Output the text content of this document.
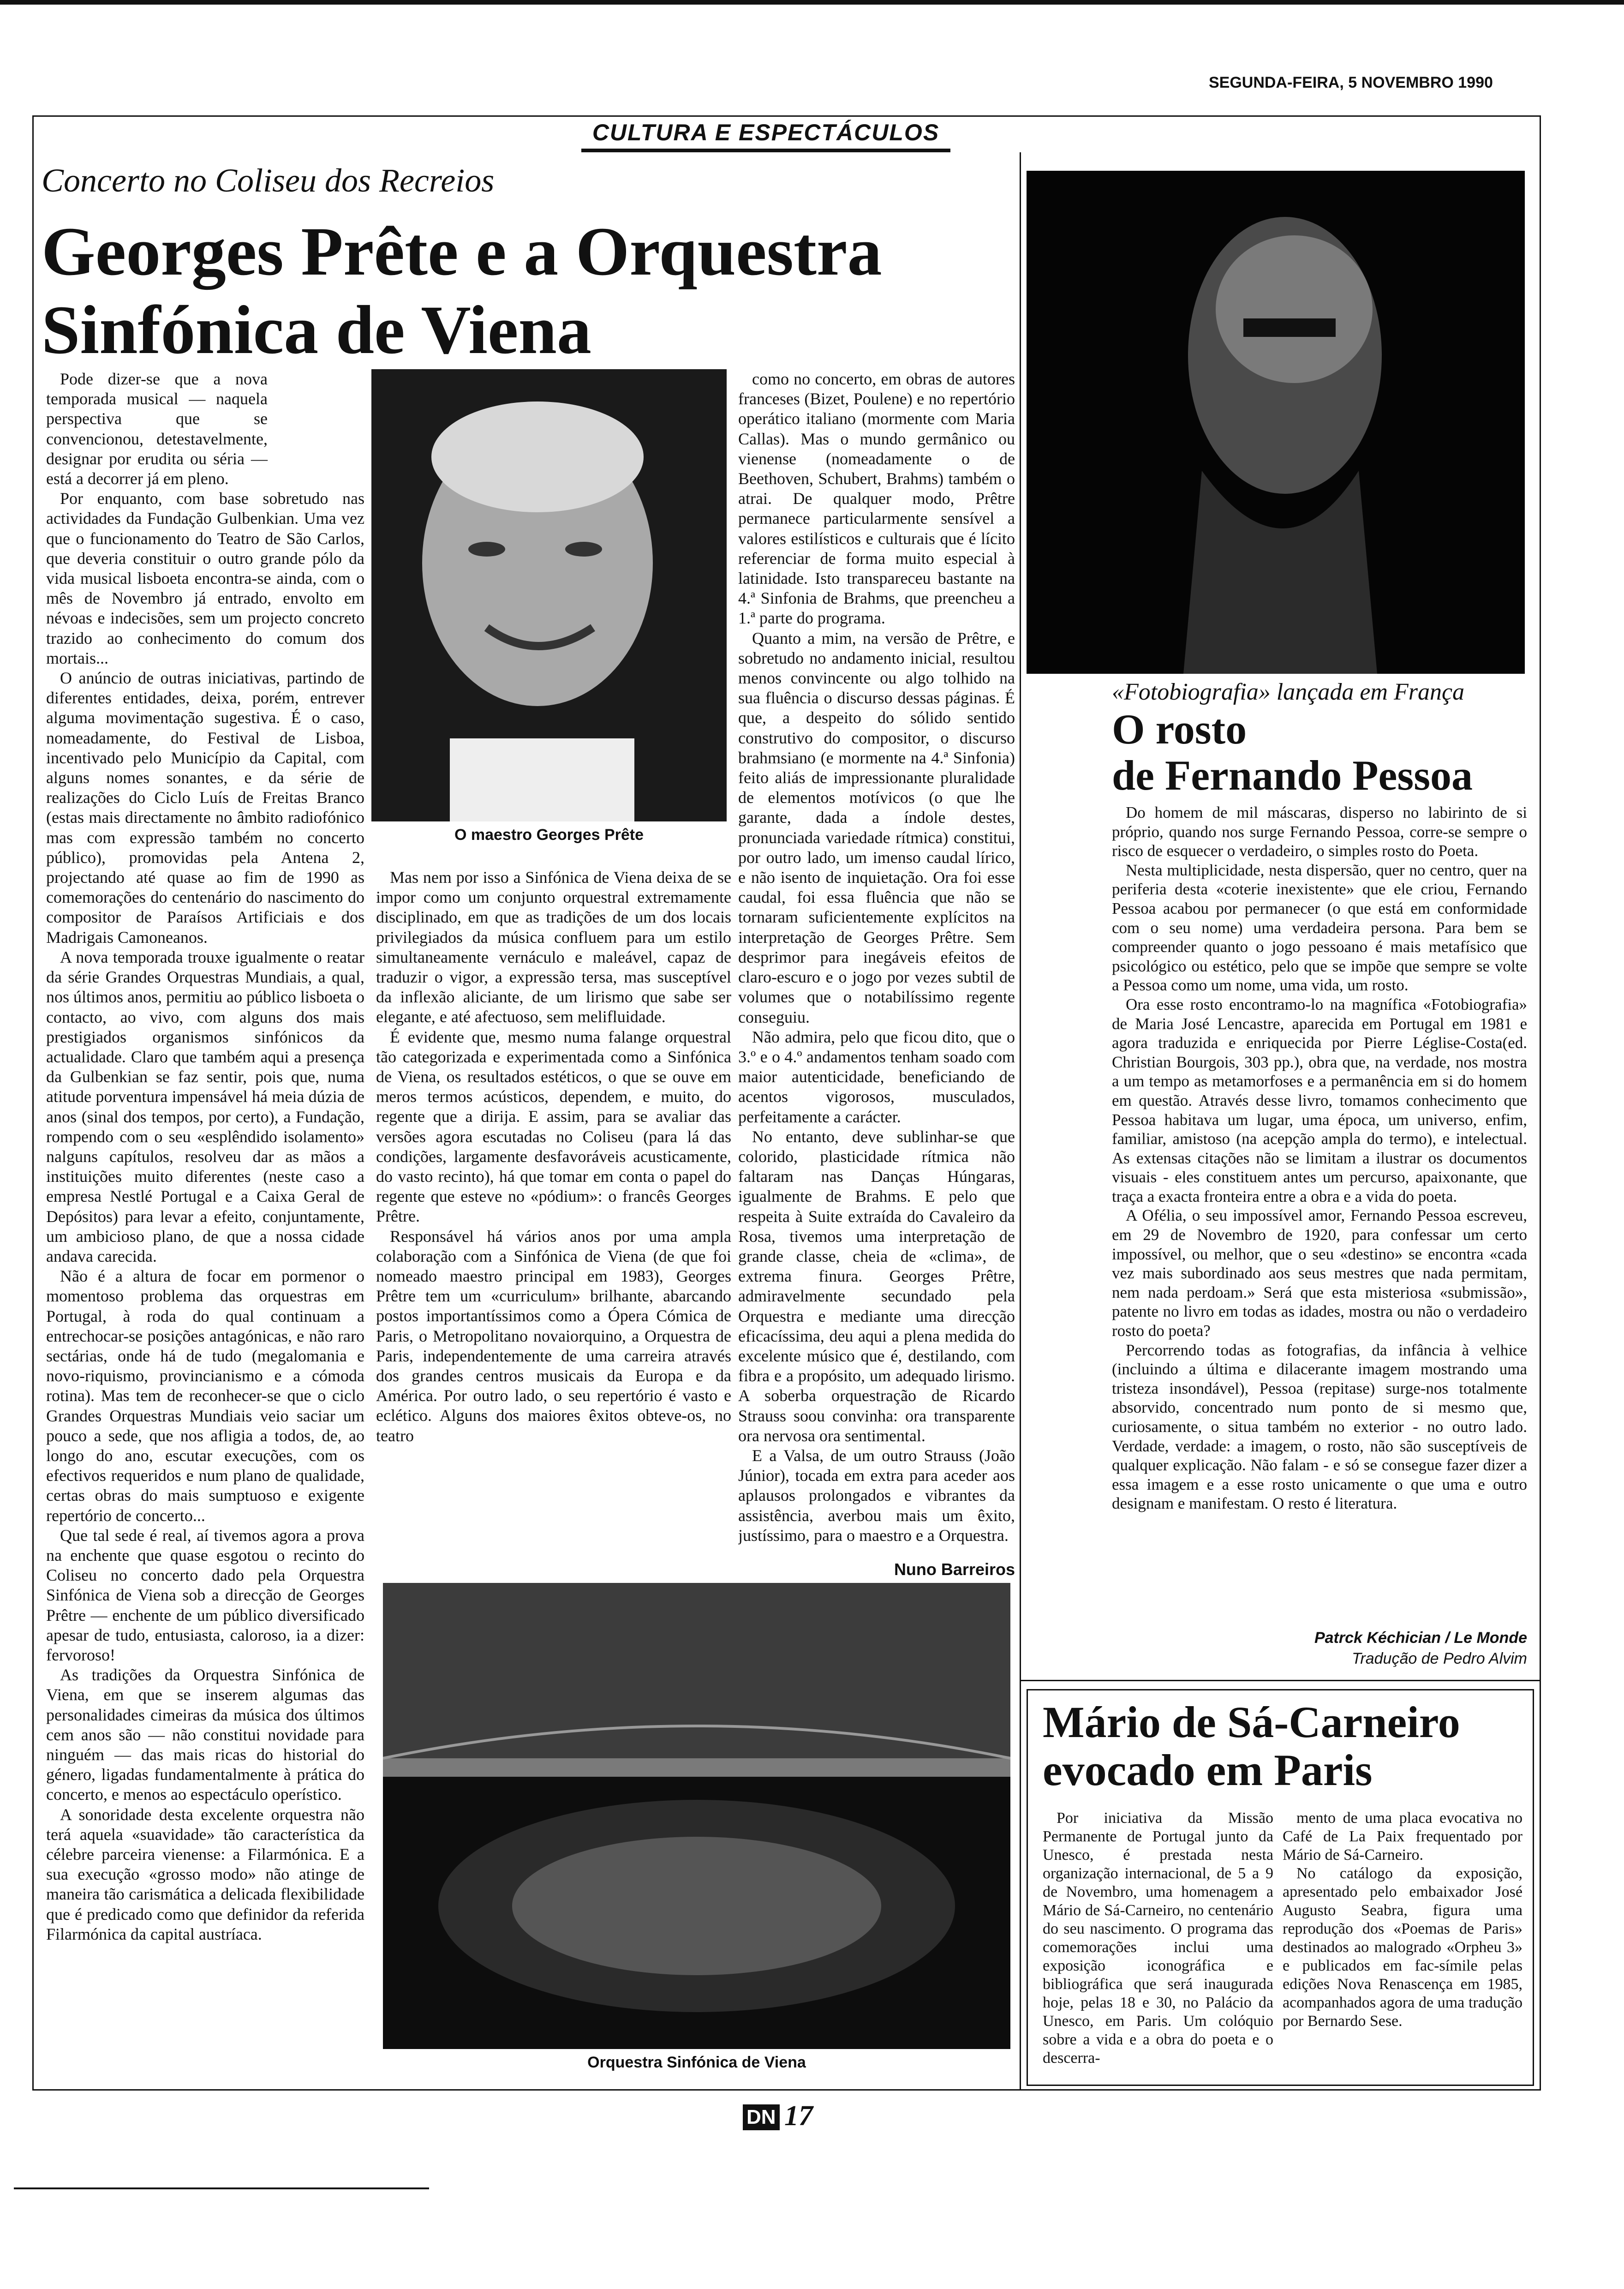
SEGUNDA-FEIRA, 5 NOVEMBRO 1990
CULTURA E ESPECTÁCULOS
Concerto no Coliseu dos Recreios
Georges Prête e a Orquestra
Sinfónica de Viena
O maestro Georges Prête

Pode dizer-se que a nova temporada musical — naquela perspectiva que se convencionou, detestavelmente, designar por erudita ou séria — está a decorrer já em pleno.

Por enquanto, com base sobretudo nas actividades da Fundação Gulbenkian. Uma vez que o funcionamento do Teatro de São Carlos, que deveria constituir o outro grande pólo da vida musical lisboeta encontra-se ainda, com o mês de Novembro já entrado, envolto em névoas e indecisões, sem um projecto concreto trazido ao conhecimento do comum dos mortais...

O anúncio de outras iniciativas, partindo de diferentes entidades, deixa, porém, entrever alguma movimentação sugestiva. É o caso, nomeadamente, do Festival de Lisboa, incentivado pelo Município da Capital, com alguns nomes sonantes, e da série de realizações do Ciclo Luís de Freitas Branco (estas mais directamente no âmbito radiofónico mas com expressão também no concerto público), promovidas pela Antena 2, projectando até quase ao fim de 1990 as comemorações do centenário do nascimento do compositor de Paraísos Artificiais e dos Madrigais Camoneanos.

A nova temporada trouxe igualmente o reatar da série Grandes Orquestras Mundiais, a qual, nos últimos anos, permitiu ao público lisboeta o contacto, ao vivo, com alguns dos mais prestigiados organismos sinfónicos da actualidade. Claro que também aqui a presença da Gulbenkian se faz sentir, pois que, numa atitude porventura impensável há meia dúzia de anos (sinal dos tempos, por certo), a Fundação, rompendo com o seu «esplêndido isolamento» nalguns capítulos, resolveu dar as mãos a instituições muito diferentes (neste caso a empresa Nestlé Portugal e a Caixa Geral de Depósitos) para levar a efeito, conjuntamente, um ambicioso plano, de que a nossa cidade andava carecida.

Não é a altura de focar em pormenor o momentoso problema das orquestras em Portugal, à roda do qual continuam a entrechocar-se posições antagónicas, e não raro sectárias, onde há de tudo (megalomania e novo-riquismo, provincianismo e a cómoda rotina). Mas tem de reconhecer-se que o ciclo Grandes Orquestras Mundiais veio saciar um pouco a sede, que nos afligia a todos, de, ao longo do ano, escutar execuções, com os efectivos requeridos e num plano de qualidade, certas obras do mais sumptuoso e exigente repertório de concerto...

Que tal sede é real, aí tivemos agora a prova na enchente que quase esgotou o recinto do Coliseu no concerto dado pela Orquestra Sinfónica de Viena sob a direcção de Georges Prêtre — enchente de um público diversificado apesar de tudo, entusiasta, caloroso, ia a dizer: fervoroso!

As tradições da Orquestra Sinfónica de Viena, em que se inserem algumas das personalidades cimeiras da música dos últimos cem anos são — não constitui novidade para ninguém — das mais ricas do historial do género, ligadas fundamentalmente à prática do concerto, e menos ao espectáculo operístico.

A sonoridade desta excelente orquestra não terá aquela «suavidade» tão característica da célebre parceira vienense: a Filarmónica. E a sua execução «grosso modo» não atinge de maneira tão carismática a delicada flexibilidade que é predicado como que definidor da referida Filarmónica da capital austríaca.

Mas nem por isso a Sinfónica de Viena deixa de se impor como um conjunto orquestral extremamente disciplinado, em que as tradições de um dos locais privilegiados da música confluem para um estilo simultaneamente vernáculo e maleável, capaz de traduzir o vigor, a expressão tersa, mas susceptível da inflexão aliciante, de um lirismo que sabe ser elegante, e até afectuoso, sem melifluidade.

É evidente que, mesmo numa falange orquestral tão categorizada e experimentada como a Sinfónica de Viena, os resultados estéticos, o que se ouve em meros termos acústicos, dependem, e muito, do regente que a dirija. E assim, para se avaliar das versões agora escutadas no Coliseu (para lá das condições, largamente desfavoráveis acusticamente, do vasto recinto), há que tomar em conta o papel do regente que esteve no «pódium»: o francês Georges Prêtre.

Responsável há vários anos por uma ampla colaboração com a Sinfónica de Viena (de que foi nomeado maestro principal em 1983), Georges Prêtre tem um «curriculum» brilhante, abarcando postos importantíssimos como a Ópera Cómica de Paris, o Metropolitano novaiorquino, a Orquestra de Paris, independentemente de uma carreira através dos grandes centros musicais da Europa e da América. Por outro lado, o seu repertório é vasto e eclético. Alguns dos maiores êxitos obteve-os, no teatro

como no concerto, em obras de autores franceses (Bizet, Poulene) e no repertório operático italiano (mormente com Maria Callas). Mas o mundo germânico ou vienense (nomeadamente o de Beethoven, Schubert, Brahms) também o atrai. De qualquer modo, Prêtre permanece particularmente sensível a valores estilísticos e culturais que é lícito referenciar de forma muito especial à latinidade. Isto transpareceu bastante na 4.ª Sinfonia de Brahms, que preencheu a 1.ª parte do programa.

Quanto a mim, na versão de Prêtre, e sobretudo no andamento inicial, resultou menos convincente ou algo tolhido na sua fluência o discurso dessas páginas. É que, a despeito do sólido sentido construtivo do compositor, o discurso brahmsiano (e mormente na 4.ª Sinfonia) feito aliás de impressionante pluralidade de elementos motívicos (o que lhe garante, dada a índole destes, pronunciada variedade rítmica) constitui, por outro lado, um imenso caudal lírico, e não isento de inquietação. Ora foi esse caudal, foi essa fluência que não se tornaram suficientemente explícitos na interpretação de Georges Prêtre. Sem desprimor para inegáveis efeitos de claro-escuro e o jogo por vezes subtil de volumes que o notabilíssimo regente conseguiu.

Não admira, pelo que ficou dito, que o 3.º e o 4.º andamentos tenham soado com maior autenticidade, beneficiando de acentos vigorosos, musculados, perfeitamente a carácter.

No entanto, deve sublinhar-se que colorido, plasticidade rítmica não faltaram nas Danças Húngaras, igualmente de Brahms. E pelo que respeita à Suite extraída do Cavaleiro da Rosa, tivemos uma interpretação de grande classe, cheia de «clima», de extrema finura. Georges Prêtre, admiravelmente secundado pela Orquestra e mediante uma direcção eficacíssima, deu aqui a plena medida do excelente músico que é, destilando, com fibra e a propósito, um adequado lirismo. A soberba orquestração de Ricardo Strauss soou convinha: ora transparente ora nervosa ora sentimental.

E a Valsa, de um outro Strauss (João Júnior), tocada em extra para aceder aos aplausos prolongados e vibrantes da assistência, averbou mais um êxito, justíssimo, para o maestro e a Orquestra.

Nuno Barreiros
Orquestra Sinfónica de Viena
«Fotobiografia» lançada em França
O rosto
de Fernando Pessoa

Do homem de mil máscaras, disperso no labirinto de si próprio, quando nos surge Fernando Pessoa, corre-se sempre o risco de esquecer o verdadeiro, o simples rosto do Poeta.

Nesta multiplicidade, nesta dispersão, quer no centro, quer na periferia desta «coterie inexistente» que ele criou, Fernando Pessoa acabou por permanecer (o que está em conformidade com o seu nome) uma verdadeira persona. Para bem se compreender quanto o jogo pessoano é mais metafísico que psicológico ou estético, pelo que se impõe que sempre se volte a Pessoa como um nome, uma vida, um rosto.

Ora esse rosto encontramo-lo na magnífica «Fotobiografia» de Maria José Lencastre, aparecida em Portugal em 1981 e agora traduzida e enriquecida por Pierre Léglise-Costa(ed. Christian Bourgois, 303 pp.), obra que, na verdade, nos mostra a um tempo as metamorfoses e a permanência em si do homem em questão. Através desse livro, tomamos conhecimento que Pessoa habitava um lugar, uma época, um universo, enfim, familiar, amistoso (na acepção ampla do termo), e intelectual. As extensas citações não se limitam a ilustrar os documentos visuais - eles constituem antes um percurso, apaixonante, que traça a exacta fronteira entre a obra e a vida do poeta.

A Ofélia, o seu impossível amor, Fernando Pessoa escreveu, em 29 de Novembro de 1920, para confessar um certo impossível, ou melhor, que o seu «destino» se encontra «cada vez mais subordinado aos seus mestres que nada permitam, nem nada perdoam.» Será que esta misteriosa «submissão», patente no livro em todas as idades, mostra ou não o verdadeiro rosto do poeta?

Percorrendo todas as fotografias, da infância à velhice (incluindo a última e dilacerante imagem mostrando uma tristeza insondável), Pessoa (repitase) surge-nos totalmente absorvido, concentrado num ponto de si mesmo que, curiosamente, o situa também no exterior - no outro lado. Verdade, verdade: a imagem, o rosto, não são susceptíveis de qualquer explicação. Não falam - e só se consegue fazer dizer a essa imagem e a esse rosto unicamente o que uma e outro designam e manifestam. O resto é literatura.

Patrck Kéchician / Le Monde
Tradução de Pedro Alvim
Mário de Sá-Carneiro
evocado em Paris

Por iniciativa da Missão Permanente de Portugal junto da Unesco, é prestada nesta organização internacional, de 5 a 9 de Novembro, uma homenagem a Mário de Sá-Carneiro, no centenário do seu nascimento. O programa das comemorações inclui uma exposição iconográfica e bibliográfica que será inaugurada hoje, pelas 18 e 30, no Palácio da Unesco, em Paris. Um colóquio sobre a vida e a obra do poeta e o descerra-

mento de uma placa evocativa no Café de La Paix frequentado por Mário de Sá-Carneiro.

No catálogo da exposição, apresentado pelo embaixador José Augusto Seabra, figura uma reprodução dos «Poemas de Paris» destinados ao malogrado «Orpheu 3» e publicados em fac-símile pelas edições Nova Renascença em 1985, acompanhados agora de uma tradução por Bernardo Sese.

DN 17
